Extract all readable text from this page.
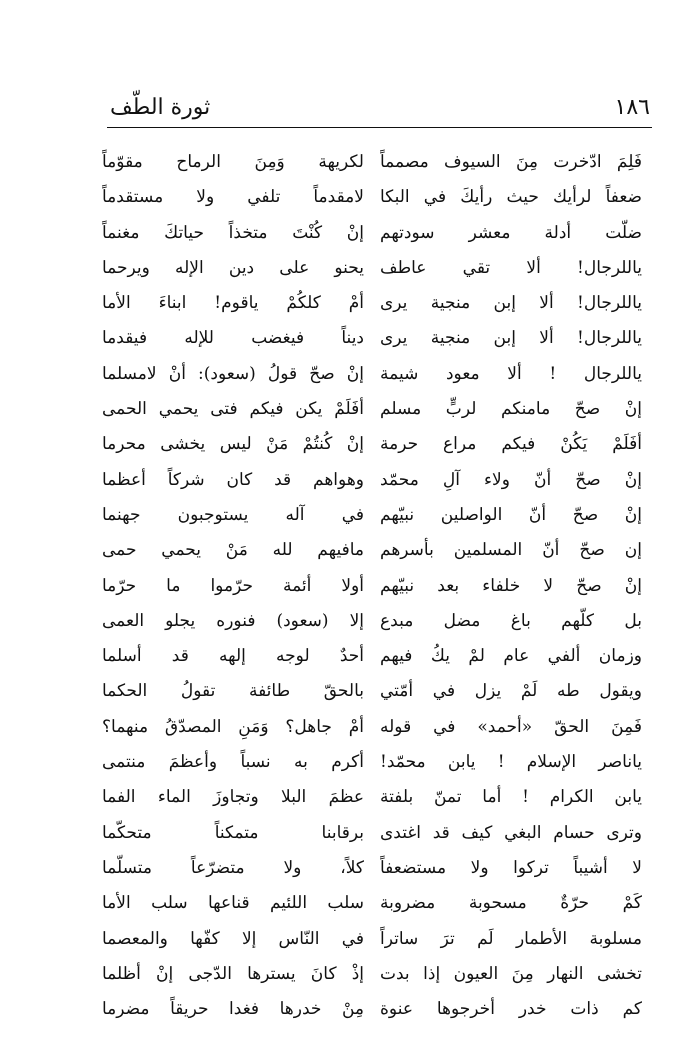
ثورة الطّف	١٨٦
فَلِمَ ادّخرت مِنَ السيوف مصمماً
ضعفاً لرأيك حيث رأيكَ في البكا
ضلّت أدلة معشر سودتهم
ياللرجال! ألا تقي عاطف
ياللرجال! ألا إبن منجية يرى
ياللرجال! ألا إبن منجية يرى
ياللرجال ! ألا معود شيمة
إنْ صحّ مامنكم لربٍّ مسلم
أفَلَمْ يَكُنْ فيكم مراع حرمة
إنْ صحّ أنّ ولاء آلِ محمّد
إنْ صحّ أنّ الواصلين نبيّهم
إن صحّ أنّ المسلمين بأسرهم
إنْ صحّ لا خلفاء بعد نبيّهم
بل كلّهم باغ مضل مبدع
وزمان ألفي عام لمْ يكُ فيهم
ويقول طه لَمْ يزل في أمّتي
فَمِنَ الحقّ «أحمد» في قوله
ياناصر الإسلام ! يابن محمّد!
يابن الكرام ! أما تمنّ بلفتة
وترى حسام البغي كيف قد اغتدى
لا أشيباً تركوا ولا مستضعفاً
كَمْ حرّةٌ مسحوبة مضروبة
مسلوبة الأطمار لَم ترَ ساتراً
تخشى النهار مِنَ العيون إذا بدت
كم ذات خدر أخرجوها عنوة
لكريهة وَمِنَ الرماح مقوّماً
لامقدماً تلفي ولا مستقدماً
إنْ كُنْتَ متخذاً حياتكَ مغنماً
يحنو على دين الإله ويرحما
أمْ كلكُمْ ياقوم! ابناءَ الأما
ديناً فيغضب للإله فيقدما
إنْ صحّ قولُ (سعود): أنْ لامسلما
أفَلَمْ يكن فيكم فتى يحمي الحمى
إنْ كُنتُمْ مَنْ ليس يخشى محرما
وهواهم قد كان شركاً أعظما
في آله يستوجبون جهنما
مافيهم لله مَنْ يحمي حمى
أولا أئمة حرّموا ما حرّما
إلا (سعود) فنوره يجلو العمى
أحدٌ لوجه إلهه قد أسلما
بالحقّ طائفة تقولُ الحكما
أمْ جاهل؟ وَمَنِ المصدّقُ منهما؟
أكرم به نسباً وأعظمَ منتمى
عظمَ البلا وتجاوزَ الماء الفما
برقابنا متمكناً متحكّما
كلاً، ولا متضرّعاً متسلّما
سلب اللئيم قناعها سلب الأما
في النّاس إلا كفّها والمعصما
إذْ كانَ يسترها الدّجى إنْ أظلما
مِنْ خدرها فغدا حريقاً مضرما
